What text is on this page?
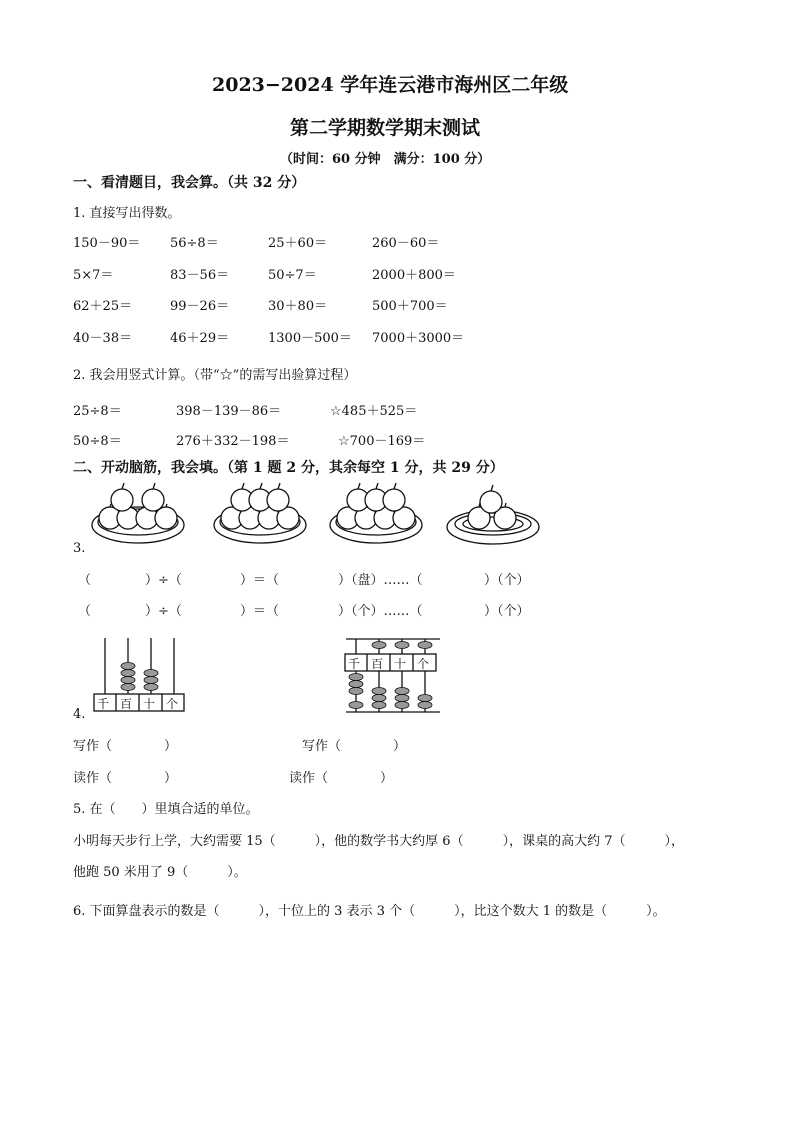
2023−2024 学年连云港市海州区二年级
第二学期数学期末测试
（时间：60 分钟　满分：100 分）
一、看清题目，我会算。（共 32 分）
1. 直接写出得数。
150－90＝ 56÷8＝	25＋60＝	260－60＝
5×7＝	83－56＝	50÷7＝	2000＋800＝
62＋25＝	99－26＝	30＋80＝	500＋700＝
40－38＝	46＋29＝	1300－500＝ 7000＋3000＝
2. 我会用竖式计算。（带“☆”的需写出验算过程）
25÷8＝	398－139－86＝	☆485＋525＝
50÷8＝	276＋332－198＝	☆700－169＝
二、开动脑筋，我会填。（第 1 题 2 分，其余每空 1 分，共 29 分）
3.
（	）÷（	）＝（	）（盘）……（	）（个）
（	）÷（	）＝（	）（个）……（	）（个）
千 百 十 个
千 百 十 个
4.
写作（　　　　）	写作（　　　　）
读作（　　　　）	读作（　　　　）
5. 在（　　）里填合适的单位。
小明每天步行上学，大约需要 15（　　　），他的数学书大约厚 6（　　　），课桌的高大约 7（　　　），
他跑 50 米用了 9（　　　）。
6. 下面算盘表示的数是（　　　），十位上的 3 表示 3 个（　　　），比这个数大 1 的数是（　　　）。
